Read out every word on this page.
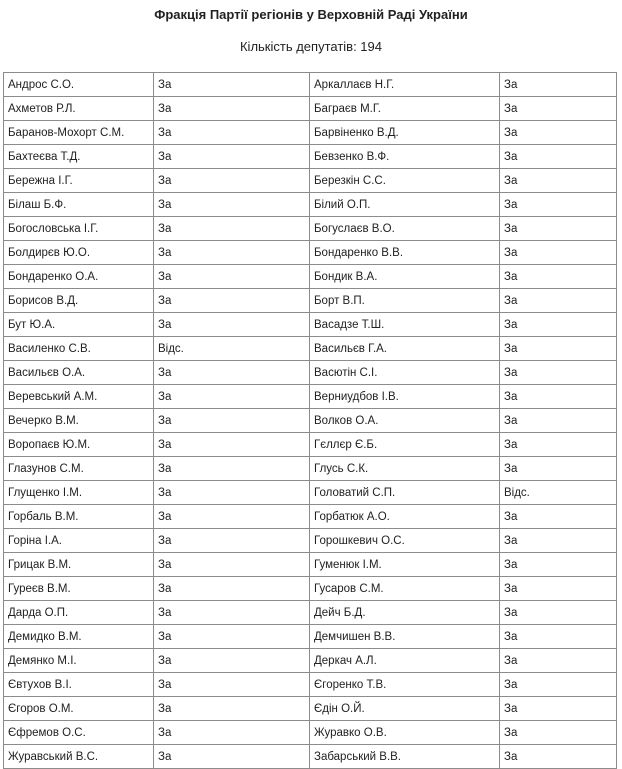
Фракція Партії регіонів у Верховній Раді України
Кількість депутатів: 194
Андрос С.О.	За	Аркаллаєв Н.Г.	За
Ахметов Р.Л.	За	Баграєв М.Г.	За
Баранов-Мохорт С.М.	За	Барвіненко В.Д.	За
Бахтеєва Т.Д.	За	Бевзенко В.Ф.	За
Бережна І.Г.	За	Березкін С.С.	За
Білаш Б.Ф.	За	Білий О.П.	За
Богословська І.Г.	За	Богуслаєв В.О.	За
Болдирєв Ю.О.	За	Бондаренко В.В.	За
Бондаренко О.А.	За	Бондик В.А.	За
Борисов В.Д.	За	Борт В.П.	За
Бут Ю.А.	За	Васадзе Т.Ш.	За
Василенко С.В.	Відс.	Васильєв Г.А.	За
Васильєв О.А.	За	Васютін С.І.	За
Веревський А.М.	За	Верниудбов І.В.	За
Вечерко В.М.	За	Волков О.А.	За
Воропаєв Ю.М.	За	Гєллєр Є.Б.	За
Глазунов С.М.	За	Глусь С.К.	За
Глущенко І.М.	За	Головатий С.П.	Відс.
Горбаль В.М.	За	Горбатюк А.О.	За
Горіна І.А.	За	Горошкевич О.С.	За
Грицак В.М.	За	Гуменюк І.М.	За
Гуреєв В.М.	За	Гусаров С.М.	За
Дарда О.П.	За	Дейч Б.Д.	За
Демидко В.М.	За	Демчишен В.В.	За
Демянко М.І.	За	Деркач А.Л.	За
Євтухов В.І.	За	Єгоренко Т.В.	За
Єгоров О.М.	За	Єдін О.Й.	За
Єфремов О.С.	За	Журавко О.В.	За
Журавський В.С.	За	Забарський В.В.	За
